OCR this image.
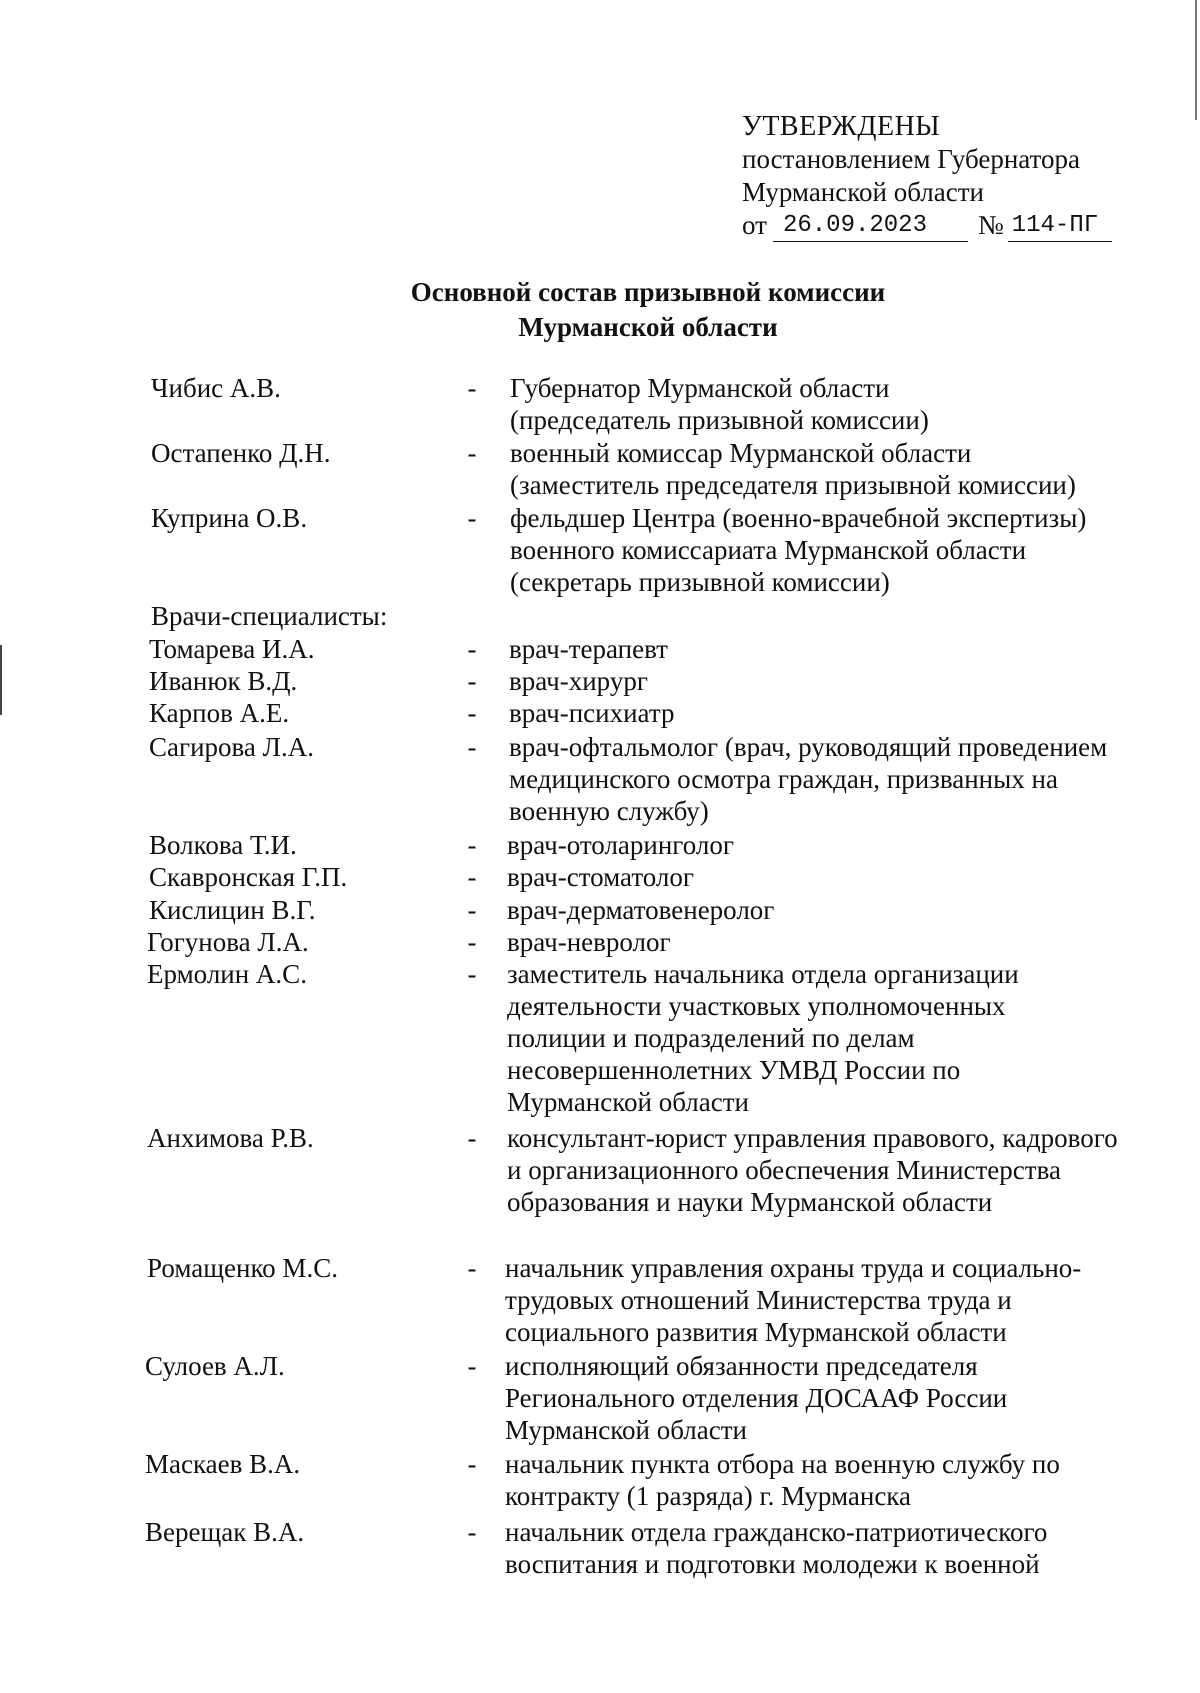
УТВЕРЖДЕНЫ
постановлением Губернатора
Мурманской области
от 26.09.2023	№ 114-ПГ
Основной состав призывной комиссии
Мурманской области
Чибис А.В.	- Губернатор Мурманской области (председатель призывной комиссии)
Остапенко Д.Н.	- военный комиссар Мурманской области (заместитель председателя призывной комиссии)
Куприна О.В.	- фельдшер Центра (военно-врачебной экспертизы) военного комиссариата Мурманской области (секретарь призывной комиссии)
Врачи-специалисты:
Томарева И.А.	- врач-терапевт
Иванюк В.Д.	- врач-хирург
Карпов А.Е.	- врач-психиатр
Сагирова Л.А.	- врач-офтальмолог (врач, руководящий проведением медицинского осмотра граждан, призванных на военную службу)
Волкова Т.И.	- врач-отоларинголог
Скавронская Г.П.	- врач-стоматолог
Кислицин В.Г.	- врач-дерматовенеролог
Гогунова Л.А.	- врач-невролог
Ермолин А.С.	- заместитель начальника отдела организации деятельности участковых уполномоченных полиции и подразделений по делам несовершеннолетних УМВД России по Мурманской области
Анхимова Р.В.	- консультант-юрист управления правового, кадрового и организационного обеспечения Министерства образования и науки Мурманской области
Ромащенко М.С.	- начальник управления охраны труда и социально-трудовых отношений Министерства труда и социального развития Мурманской области
Сулоев А.Л.	- исполняющий обязанности председателя Регионального отделения ДОСААФ России Мурманской области
Маскаев В.А.	- начальник пункта отбора на военную службу по контракту (1 разряда) г. Мурманска
Верещак В.А.	- начальник отдела гражданско-патриотического воспитания и подготовки молодежи к военной
